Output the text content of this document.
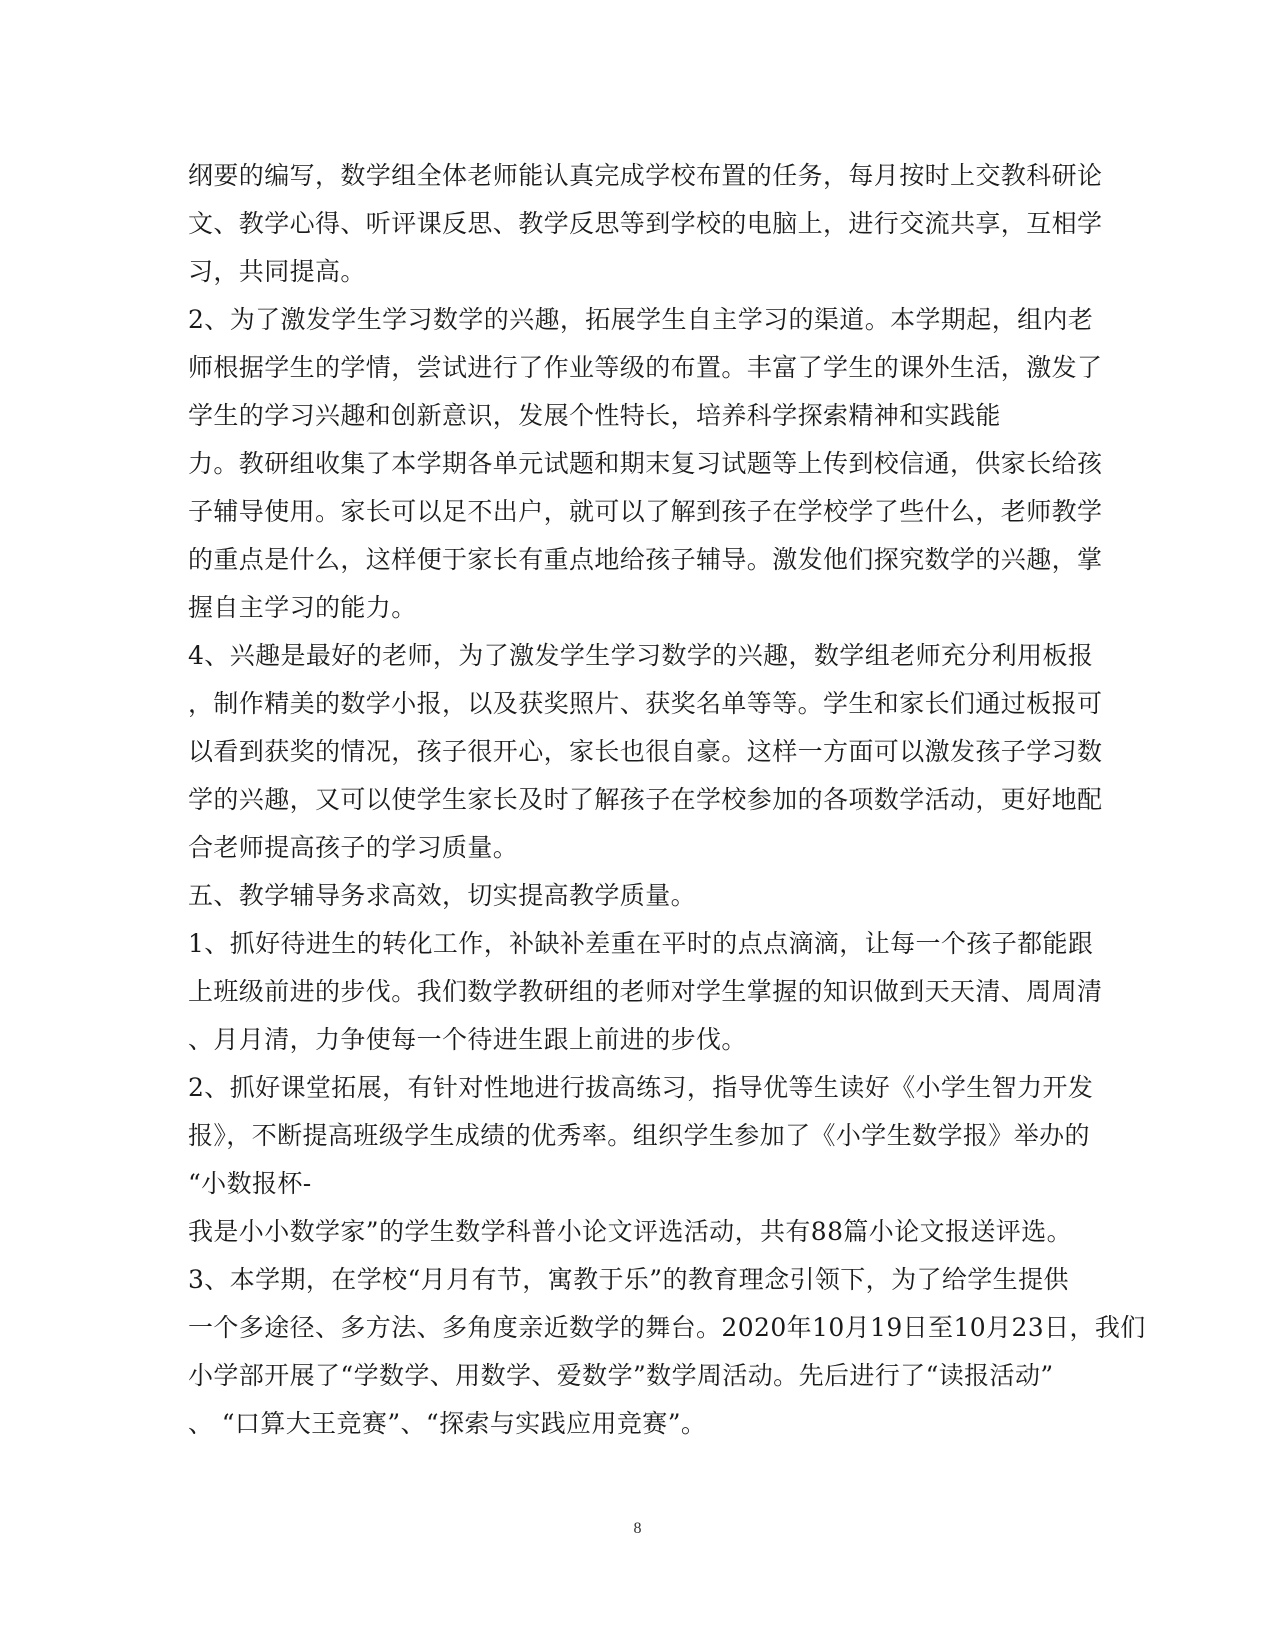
纲要的编写，数学组全体老师能认真完成学校布置的任务，每月按时上交教科研论
文、教学心得、听评课反思、教学反思等到学校的电脑上，进行交流共享，互相学
习，共同提高。
2、为了激发学生学习数学的兴趣，拓展学生自主学习的渠道。本学期起，组内老
师根据学生的学情，尝试进行了作业等级的布置。丰富了学生的课外生活，激发了
学生的学习兴趣和创新意识，发展个性特长，培养科学探索精神和实践能
力。教研组收集了本学期各单元试题和期末复习试题等上传到校信通，供家长给孩
子辅导使用。家长可以足不出户，就可以了解到孩子在学校学了些什么，老师教学
的重点是什么，这样便于家长有重点地给孩子辅导。激发他们探究数学的兴趣，掌
握自主学习的能力。
4、兴趣是最好的老师，为了激发学生学习数学的兴趣，数学组老师充分利用板报
，制作精美的数学小报，以及获奖照片、获奖名单等等。学生和家长们通过板报可
以看到获奖的情况，孩子很开心，家长也很自豪。这样一方面可以激发孩子学习数
学的兴趣，又可以使学生家长及时了解孩子在学校参加的各项数学活动，更好地配
合老师提高孩子的学习质量。
五、教学辅导务求高效，切实提高教学质量。
1、抓好待进生的转化工作，补缺补差重在平时的点点滴滴，让每一个孩子都能跟
上班级前进的步伐。我们数学教研组的老师对学生掌握的知识做到天天清、周周清
、月月清，力争使每一个待进生跟上前进的步伐。
2、抓好课堂拓展，有针对性地进行拔高练习，指导优等生读好《小学生智力开发
报》，不断提高班级学生成绩的优秀率。组织学生参加了《小学生数学报》举办的
“小数报杯-
我是小小数学家”的学生数学科普小论文评选活动，共有88篇小论文报送评选。
3、本学期，在学校“月月有节，寓教于乐”的教育理念引领下，为了给学生提供
一个多途径、多方法、多角度亲近数学的舞台。2020年10月19日至10月23日，我们
小学部开展了“学数学、用数学、爱数学”数学周活动。先后进行了“读报活动”
、 “口算大王竞赛”、“探索与实践应用竞赛”。
8
